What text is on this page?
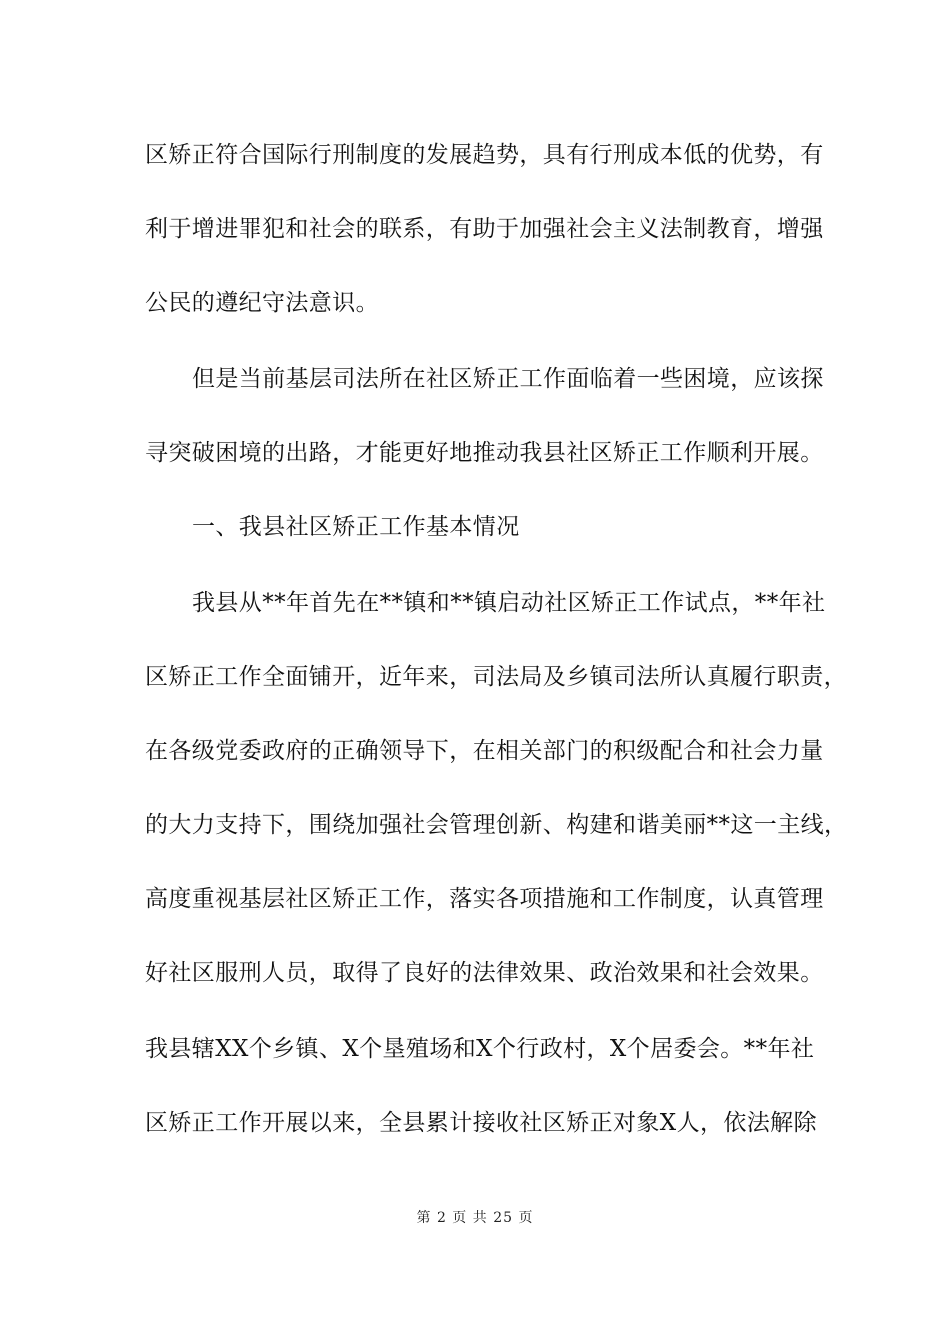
区矫正符合国际行刑制度的发展趋势，具有行刑成本低的优势，有
利于增进罪犯和社会的联系，有助于加强社会主义法制教育，增强
公民的遵纪守法意识。
但是当前基层司法所在社区矫正工作面临着一些困境，应该探
寻突破困境的出路，才能更好地推动我县社区矫正工作顺利开展。
一、我县社区矫正工作基本情况
我县从**年首先在**镇和**镇启动社区矫正工作试点，**年社
区矫正工作全面铺开，近年来，司法局及乡镇司法所认真履行职责，
在各级党委政府的正确领导下，在相关部门的积级配合和社会力量
的大力支持下，围绕加强社会管理创新、构建和谐美丽**这一主线，
高度重视基层社区矫正工作，落实各项措施和工作制度，认真管理
好社区服刑人员，取得了良好的法律效果、政治效果和社会效果。
我县辖XX个乡镇、X个垦殖场和X个行政村，X个居委会。**年社
区矫正工作开展以来，全县累计接收社区矫正对象X人，依法解除
第 2 页 共 25 页
